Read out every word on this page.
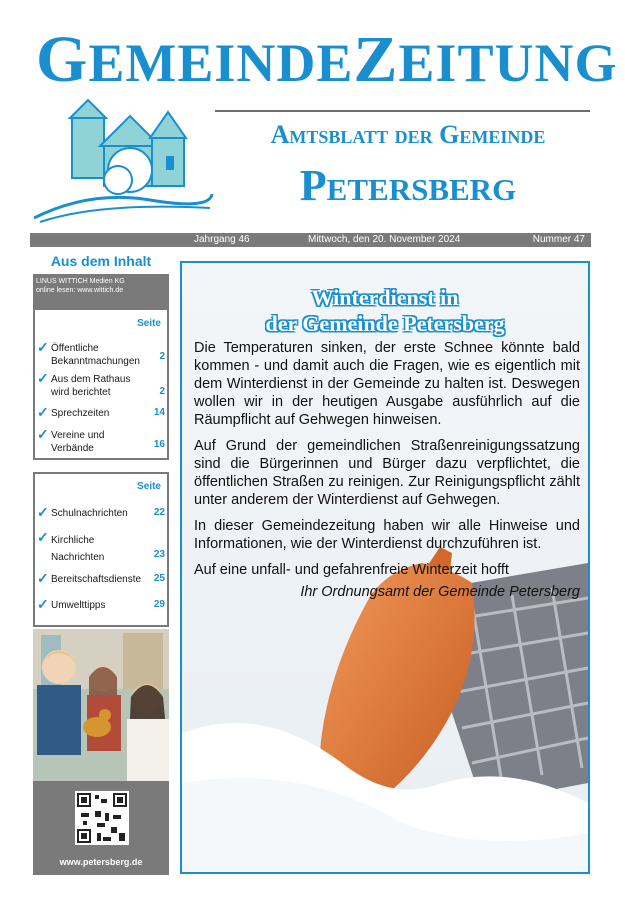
GEMEINDEZEITUNG
Amtsblatt der Gemeinde
Petersberg
Jahrgang 46	Mittwoch, den 20. November 2024	Nummer 47
Aus dem Inhalt
LINUS WITTICH Medien KG
online lesen: www.wittich.de
Seite
✓ Öffentliche Bekanntmachungen	2
✓ Aus dem Rathaus wird berichtet	2
✓ Sprechzeiten	14
✓ Vereine und Verbände	16
Seite
✓ Schulnachrichten	22
✓ Kirchliche Nachrichten	23
✓ Bereitschaftsdienste 25
✓ Umwelttipps	29
www.petersberg.de
Winterdienst in
der Gemeinde Petersberg

Die Temperaturen sinken, der erste Schnee könnte bald kommen - und damit auch die Fragen, wie es eigentlich mit dem Winterdienst in der Gemeinde zu halten ist. Deswegen wollen wir in der heutigen Ausgabe ausführlich auf die Räumpflicht auf Gehwegen hinweisen.

Auf Grund der gemeindlichen Straßenreinigungssatzung sind die Bürgerinnen und Bürger dazu verpflichtet, die öffentlichen Straßen zu reinigen. Zur Reinigungspflicht zählt unter anderem der Winterdienst auf Gehwegen.

In dieser Gemeindezeitung haben wir alle Hinweise und Informationen, wie der Winterdienst durchzuführen ist.

Auf eine unfall- und gefahrenfreie Winterzeit hofft

Ihr Ordnungsamt der Gemeinde Petersberg
